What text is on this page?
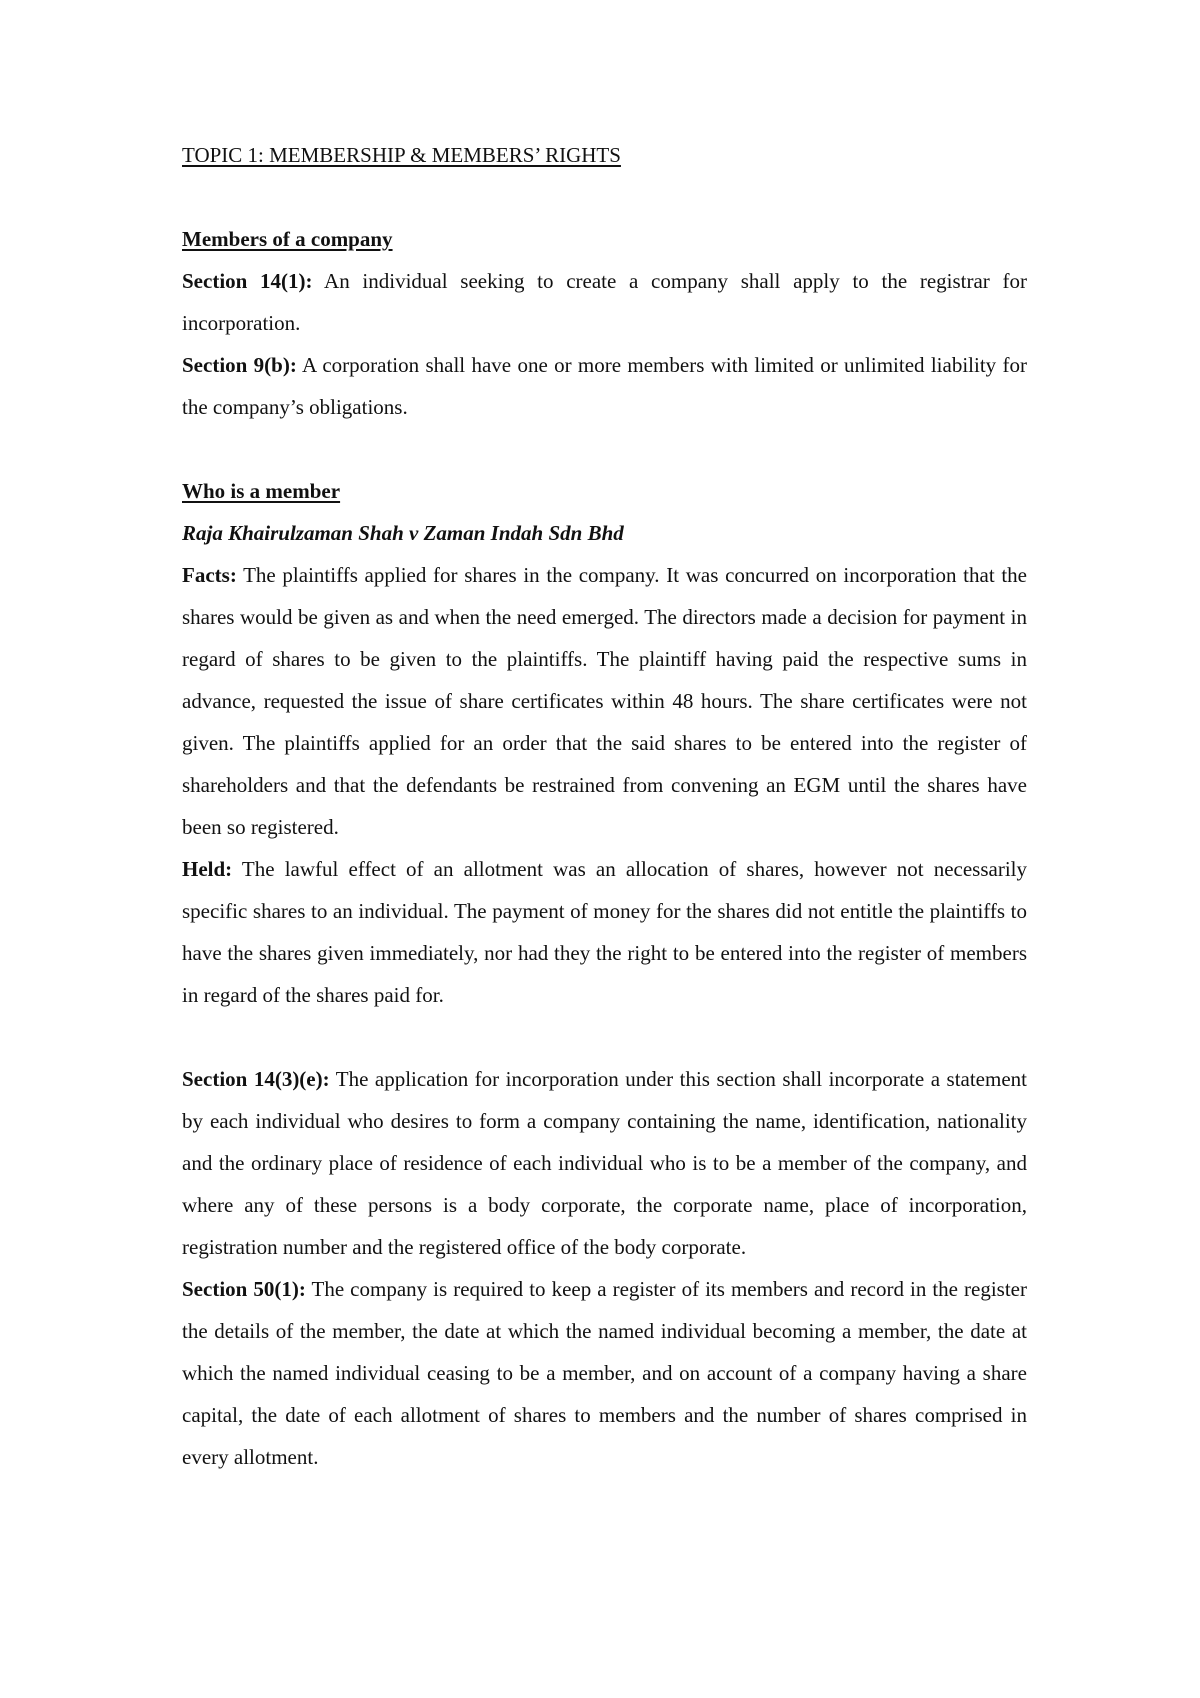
TOPIC 1: MEMBERSHIP & MEMBERS’ RIGHTS

Members of a company

Section 14(1): An individual seeking to create a company shall apply to the registrar for incorporation.

Section 9(b): A corporation shall have one or more members with limited or unlimited liability for the company’s obligations.

Who is a member

Raja Khairulzaman Shah v Zaman Indah Sdn Bhd

Facts: The plaintiffs applied for shares in the company. It was concurred on incorporation that the shares would be given as and when the need emerged. The directors made a decision for payment in regard of shares to be given to the plaintiffs. The plaintiff having paid the respective sums in advance, requested the issue of share certificates within 48 hours. The share certificates were not given. The plaintiffs applied for an order that the said shares to be entered into the register of shareholders and that the defendants be restrained from convening an EGM until the shares have been so registered.

Held: The lawful effect of an allotment was an allocation of shares, however not necessarily specific shares to an individual. The payment of money for the shares did not entitle the plaintiffs to have the shares given immediately, nor had they the right to be entered into the register of members in regard of the shares paid for.

Section 14(3)(e): The application for incorporation under this section shall incorporate a statement by each individual who desires to form a company containing the name, identification, nationality and the ordinary place of residence of each individual who is to be a member of the company, and where any of these persons is a body corporate, the corporate name, place of incorporation, registration number and the registered office of the body corporate.

Section 50(1): The company is required to keep a register of its members and record in the register the details of the member, the date at which the named individual becoming a member, the date at which the named individual ceasing to be a member, and on account of a company having a share capital, the date of each allotment of shares to members and the number of shares comprised in every allotment.
